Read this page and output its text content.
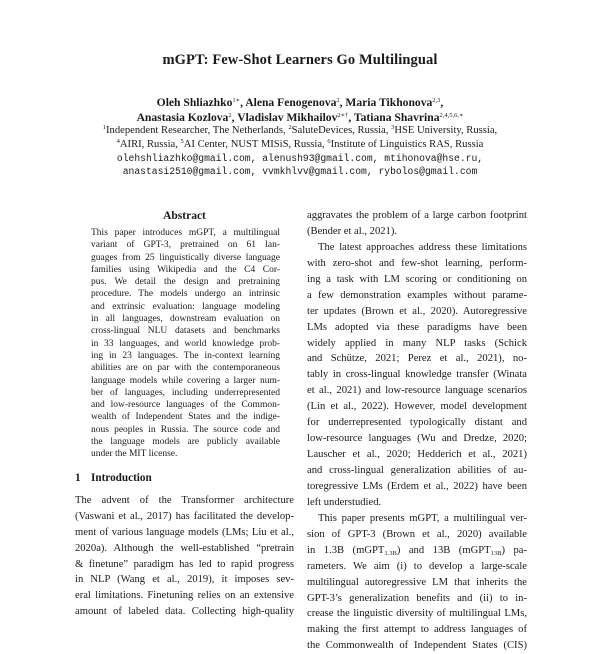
mGPT: Few-Shot Learners Go Multilingual
Oleh Shliazhko$^{1∗}$, Alena Fenogenova$^2$, Maria Tikhonova$^{2,3}$,
Anastasia Kozlova$^2$, Vladislav Mikhailov$^{2∗\dagger}$, Tatiana Shavrina$^{2,4,5,6,∗}$
$^1$Independent Researcher, The Netherlands, $^2$SaluteDevices, Russia, $^3$HSE University, Russia,
$^4$AIRI, Russia, $^5$AI Center, NUST MISiS, Russia, $^6$Institute of Linguistics RAS, Russia
olehshliazhko@gmail.com, alenush93@gmail.com, mtihonova@hse.ru,
anastasi2510@gmail.com, vvmkhlvv@gmail.com, rybolos@gmail.com
Abstract
This paper introduces mGPT, a multilingual
variant of GPT-3, pretrained on 61 lan-
guages from 25 linguistically diverse language
families using Wikipedia and the C4 Cor-
pus. We detail the design and pretraining
procedure. The models undergo an intrinsic
and extrinsic evaluation: language modeling
in all languages, downstream evaluation on
cross-lingual NLU datasets and benchmarks
in 33 languages, and world knowledge prob-
ing in 23 languages. The in-context learning
abilities are on par with the contemporaneous
language models while covering a larger num-
ber of languages, including underrepresented
and low-resource languages of the Common-
wealth of Independent States and the indige-
nous peoples in Russia. The source code and
the language models are publicly available
under the MIT license.
1 Introduction
The advent of the Transformer architecture
(Vaswani et al., 2017) has facilitated the develop-
ment of various language models (LMs; Liu et al.,
2020a). Although the well-established “pretrain
& finetune” paradigm has led to rapid progress
in NLP (Wang et al., 2019), it imposes sev-
eral limitations. Finetuning relies on an extensive
amount of labeled data. Collecting high-quality
aggravates the problem of a large carbon footprint
(Bender et al., 2021).
The latest approaches address these limitations
with zero-shot and few-shot learning, perform-
ing a task with LM scoring or conditioning on
a few demonstration examples without parame-
ter updates (Brown et al., 2020). Autoregressive
LMs adopted via these paradigms have been
widely applied in many NLP tasks (Schick
and Schütze, 2021; Perez et al., 2021), no-
tably in cross-lingual knowledge transfer (Winata
et al., 2021) and low-resource language scenarios
(Lin et al., 2022). However, model development
for underrepresented typologically distant and
low-resource languages (Wu and Dredze, 2020;
Lauscher et al., 2020; Hedderich et al., 2021)
and cross-lingual generalization abilities of au-
toregressive LMs (Erdem et al., 2022) have been
left understudied.
This paper presents mGPT, a multilingual ver-
sion of GPT-3 (Brown et al., 2020) available
in 1.3B (mGPT$_{1.3B}$) and 13B (mGPT$_{13B}$) pa-
rameters. We aim (i) to develop a large-scale
multilingual autoregressive LM that inherits the
GPT-3’s generalization benefits and (ii) to in-
crease the linguistic diversity of multilingual LMs,
making the first attempt to address languages of
the Commonwealth of Independent States (CIS)
